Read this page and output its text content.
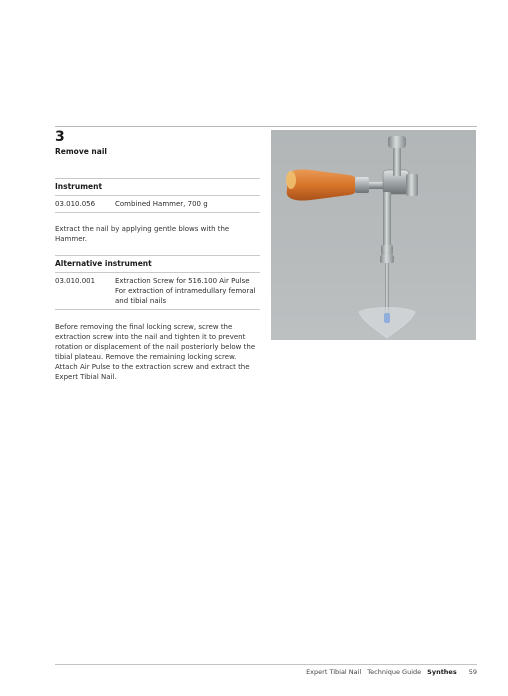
3
Remove nail
Instrument
03.010.056	Combined Hammer, 700 g
Extract the nail by applying gentle blows with the Hammer.
Alternative instrument
03.010.001	Extraction Screw for 516.100 Air Pulse
For extraction of intramedullary femoral and tibial nails
Before removing the final locking screw, screw the extraction screw into the nail and tighten it to prevent rotation or displacement of the nail posteriorly below the tibial plateau. Remove the remaining locking screw. Attach Air Pulse to the extraction screw and extract the Expert Tibial Nail.
Expert Tibial Nail Technique Guide Synthes 59
